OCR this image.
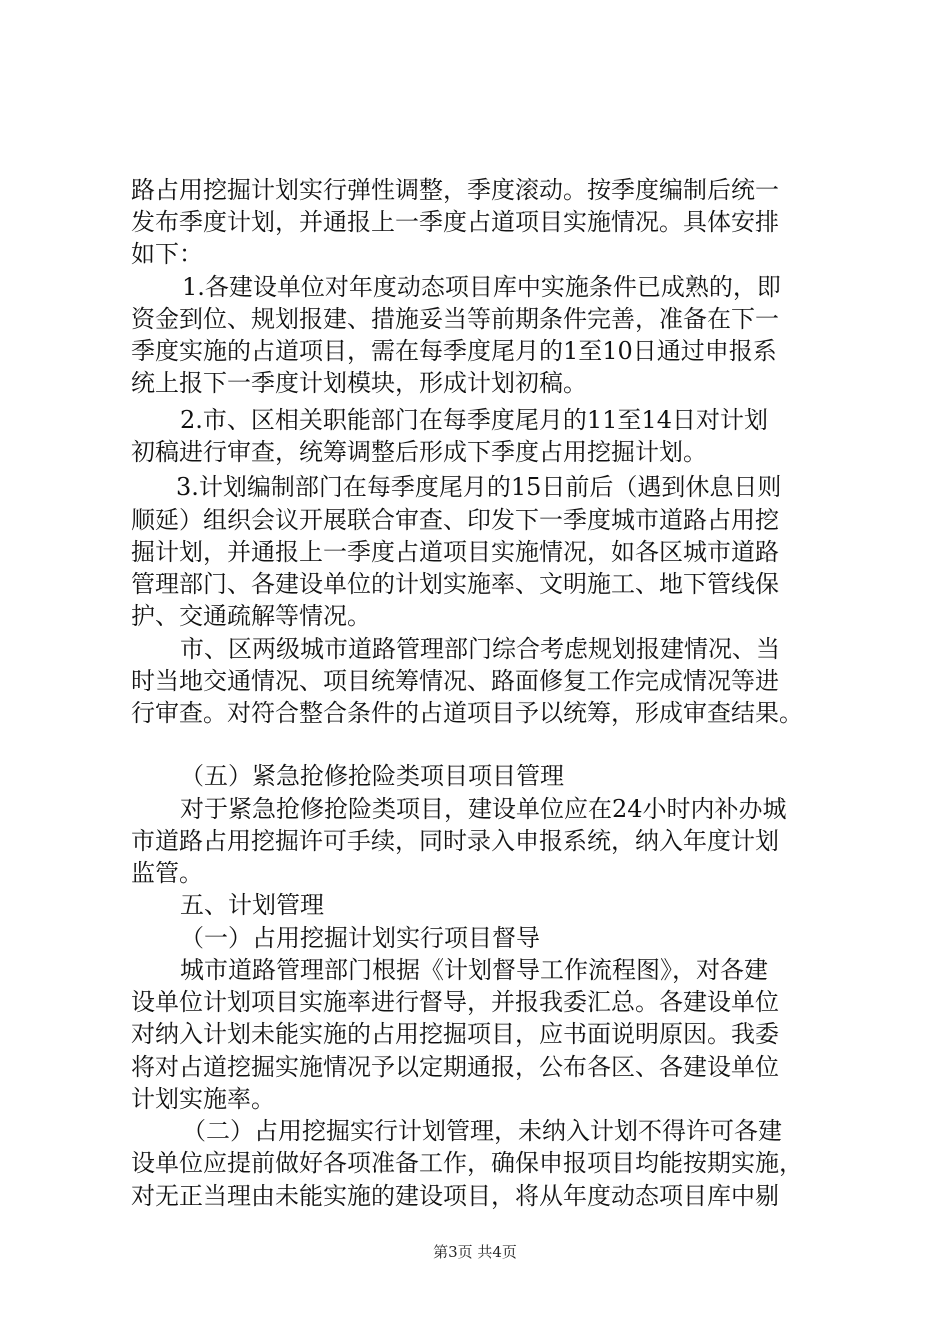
路占用挖掘计划实行弹性调整，季度滚动。按季度编制后统一
发布季度计划，并通报上一季度占道项目实施情况。具体安排
如下：
1.各建设单位对年度动态项目库中实施条件已成熟的，即
资金到位、规划报建、措施妥当等前期条件完善，准备在下一
季度实施的占道项目，需在每季度尾月的1至10日通过申报系
统上报下一季度计划模块，形成计划初稿。
2.市、区相关职能部门在每季度尾月的11至14日对计划
初稿进行审查，统筹调整后形成下季度占用挖掘计划。
3.计划编制部门在每季度尾月的15日前后（遇到休息日则
顺延）组织会议开展联合审查、印发下一季度城市道路占用挖
掘计划，并通报上一季度占道项目实施情况，如各区城市道路
管理部门、各建设单位的计划实施率、文明施工、地下管线保
护、交通疏解等情况。
市、区两级城市道路管理部门综合考虑规划报建情况、当
时当地交通情况、项目统筹情况、路面修复工作完成情况等进
行审查。对符合整合条件的占道项目予以统筹，形成审查结果。
（五）紧急抢修抢险类项目项目管理
对于紧急抢修抢险类项目，建设单位应在24小时内补办城
市道路占用挖掘许可手续，同时录入申报系统，纳入年度计划
监管。
五、计划管理
（一）占用挖掘计划实行项目督导
城市道路管理部门根据《计划督导工作流程图》，对各建
设单位计划项目实施率进行督导，并报我委汇总。各建设单位
对纳入计划未能实施的占用挖掘项目，应书面说明原因。我委
将对占道挖掘实施情况予以定期通报，公布各区、各建设单位
计划实施率。
（二）占用挖掘实行计划管理，未纳入计划不得许可各建
设单位应提前做好各项准备工作，确保申报项目均能按期实施，
对无正当理由未能实施的建设项目，将从年度动态项目库中剔
第3页 共4页
